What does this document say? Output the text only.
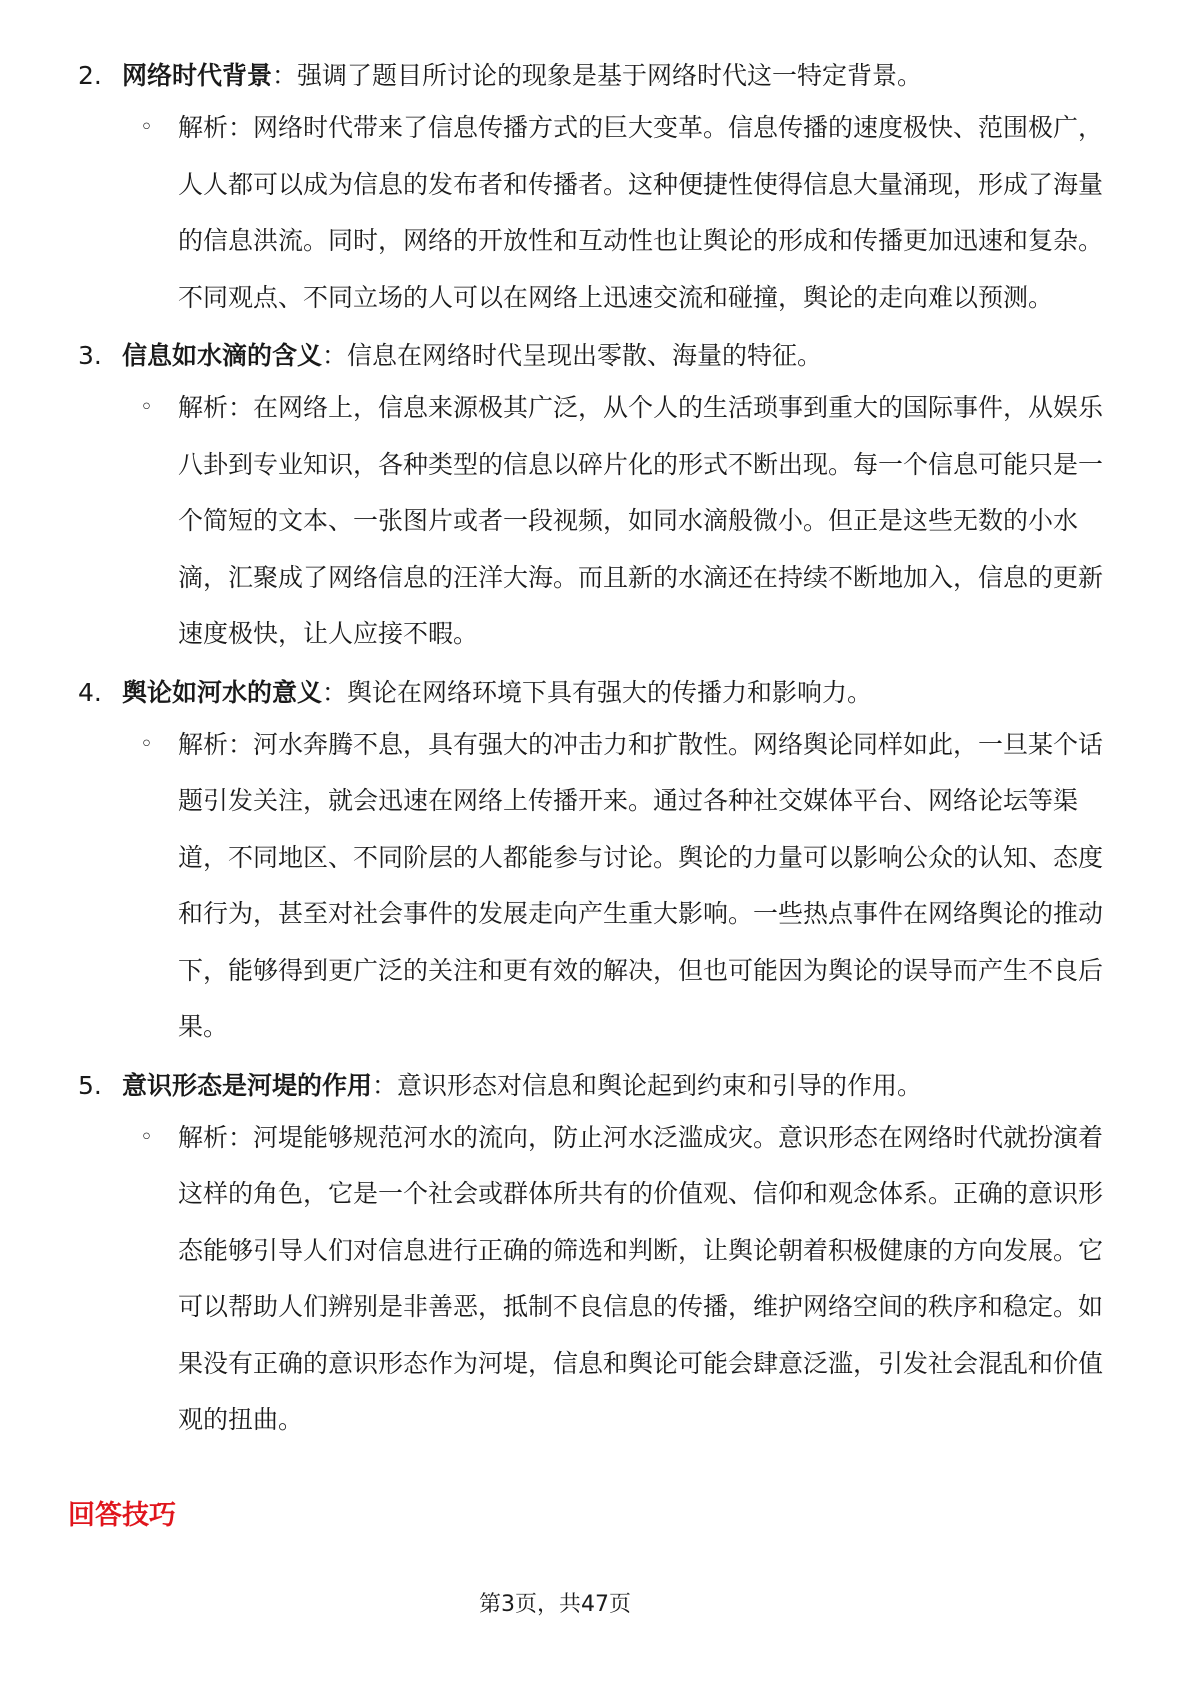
2. 网络时代背景：强调了题目所讨论的现象是基于网络时代这一特定背景。
◦ 解析：网络时代带来了信息传播方式的巨大变革。信息传播的速度极快、范围极广，人人都可以成为信息的发布者和传播者。这种便捷性使得信息大量涌现，形成了海量的信息洪流。同时，网络的开放性和互动性也让舆论的形成和传播更加迅速和复杂。不同观点、不同立场的人可以在网络上迅速交流和碰撞，舆论的走向难以预测。
3. 信息如水滴的含义：信息在网络时代呈现出零散、海量的特征。
◦ 解析：在网络上，信息来源极其广泛，从个人的生活琐事到重大的国际事件，从娱乐八卦到专业知识，各种类型的信息以碎片化的形式不断出现。每一个信息可能只是一个简短的文本、一张图片或者一段视频，如同水滴般微小。但正是这些无数的小水滴，汇聚成了网络信息的汪洋大海。而且新的水滴还在持续不断地加入，信息的更新速度极快，让人应接不暇。
4. 舆论如河水的意义：舆论在网络环境下具有强大的传播力和影响力。
◦ 解析：河水奔腾不息，具有强大的冲击力和扩散性。网络舆论同样如此，一旦某个话题引发关注，就会迅速在网络上传播开来。通过各种社交媒体平台、网络论坛等渠道，不同地区、不同阶层的人都能参与讨论。舆论的力量可以影响公众的认知、态度和行为，甚至对社会事件的发展走向产生重大影响。一些热点事件在网络舆论的推动下，能够得到更广泛的关注和更有效的解决，但也可能因为舆论的误导而产生不良后果。
5. 意识形态是河堤的作用：意识形态对信息和舆论起到约束和引导的作用。
◦ 解析：河堤能够规范河水的流向，防止河水泛滥成灾。意识形态在网络时代就扮演着这样的角色，它是一个社会或群体所共有的价值观、信仰和观念体系。正确的意识形态能够引导人们对信息进行正确的筛选和判断，让舆论朝着积极健康的方向发展。它可以帮助人们辨别是非善恶，抵制不良信息的传播，维护网络空间的秩序和稳定。如果没有正确的意识形态作为河堤，信息和舆论可能会肆意泛滥，引发社会混乱和价值观的扭曲。
回答技巧
第3页，共47页
